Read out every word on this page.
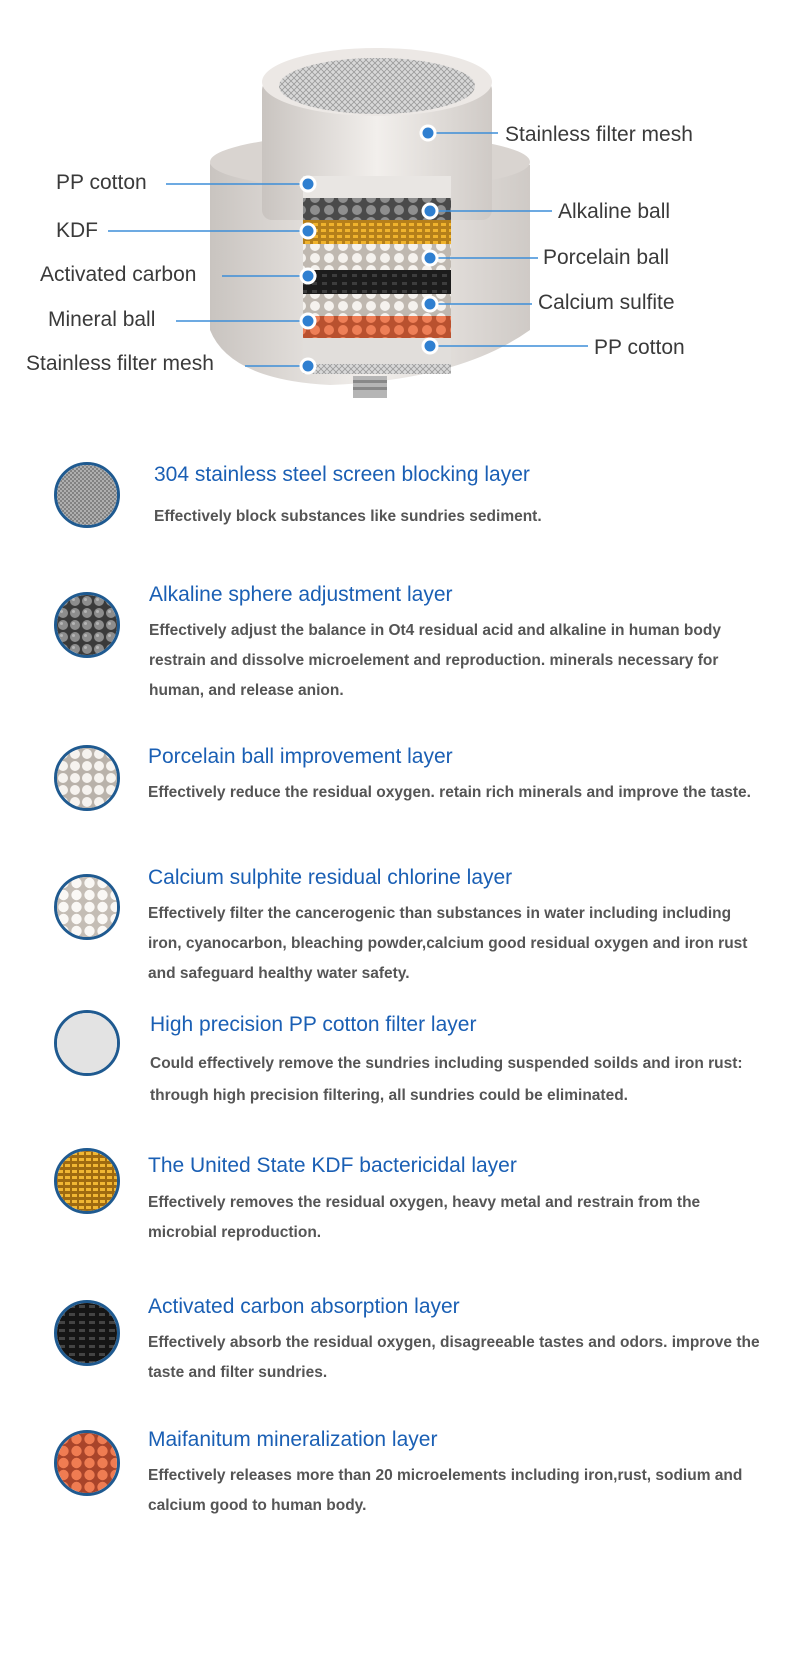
PP cotton
KDF
Activated carbon
Mineral ball
Stainless filter mesh
Stainless filter mesh
Alkaline ball
Porcelain ball
Calcium sulfite
PP cotton
304 stainless steel screen blocking layer
Effectively block substances like sundries sediment.
Alkaline sphere adjustment layer
Effectively adjust the balance in Ot4 residual acid and alkaline in human body restrain and dissolve microelement and reproduction. minerals necessary for human, and release anion.
Porcelain ball improvement layer
Effectively reduce the residual oxygen. retain rich minerals and improve the taste.
Calcium sulphite residual chlorine layer
Effectively filter the cancerogenic than substances in water including including iron, cyanocarbon, bleaching powder,calcium good residual oxygen and iron rust and safeguard healthy water safety.
High precision PP cotton filter layer
Could effectively remove the sundries including suspended soilds and iron rust: through high precision filtering, all sundries could be eliminated.
The United State KDF bactericidal layer
Effectively removes the residual oxygen, heavy metal and restrain from the microbial reproduction.
Activated carbon absorption layer
Effectively absorb the residual oxygen, disagreeable tastes and odors. improve the taste and filter sundries.
Maifanitum mineralization layer
Effectively releases more than 20 microelements including iron,rust, sodium and calcium good to human body.
